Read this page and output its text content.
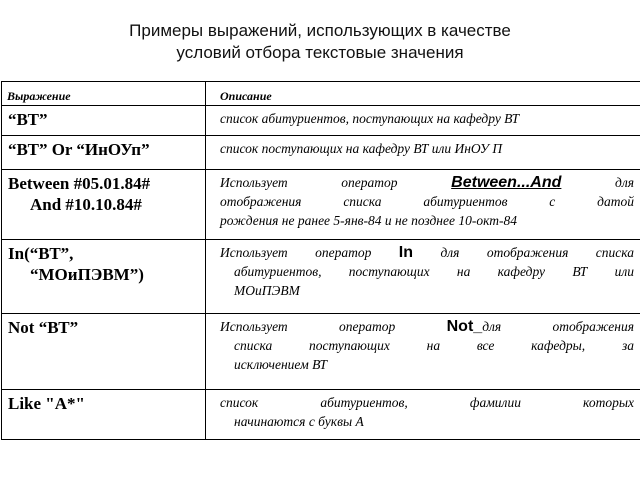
Примеры выражений, использующих в качестве
условий отбора текстовые значения
Выражение	Описание
“ВТ”	список абитуриентов, поступающих на кафедру ВТ
“ВТ” Or “ИнОУп”	список поступающих на кафедру ВТ или ИнОУ П
Between #05.01.84#
And #10.10.84#	Использует оператор Between...And для
отображения списка абитуриентов с датой
рождения не ранее 5-янв-84 и не позднее 10-окт-84

In(“ВТ”,
“МОиПЭВМ”)	Использует оператор In для отображения списка
абитуриентов, поступающих на кафедру ВТ или
МОиПЭВМ

Not “ВТ”	Использует оператор Not_для отображения
списка поступающих на все кафедры, за
исключением ВТ

Like "А*"	список абитуриентов, фамилии которых
начинаются с буквы А
